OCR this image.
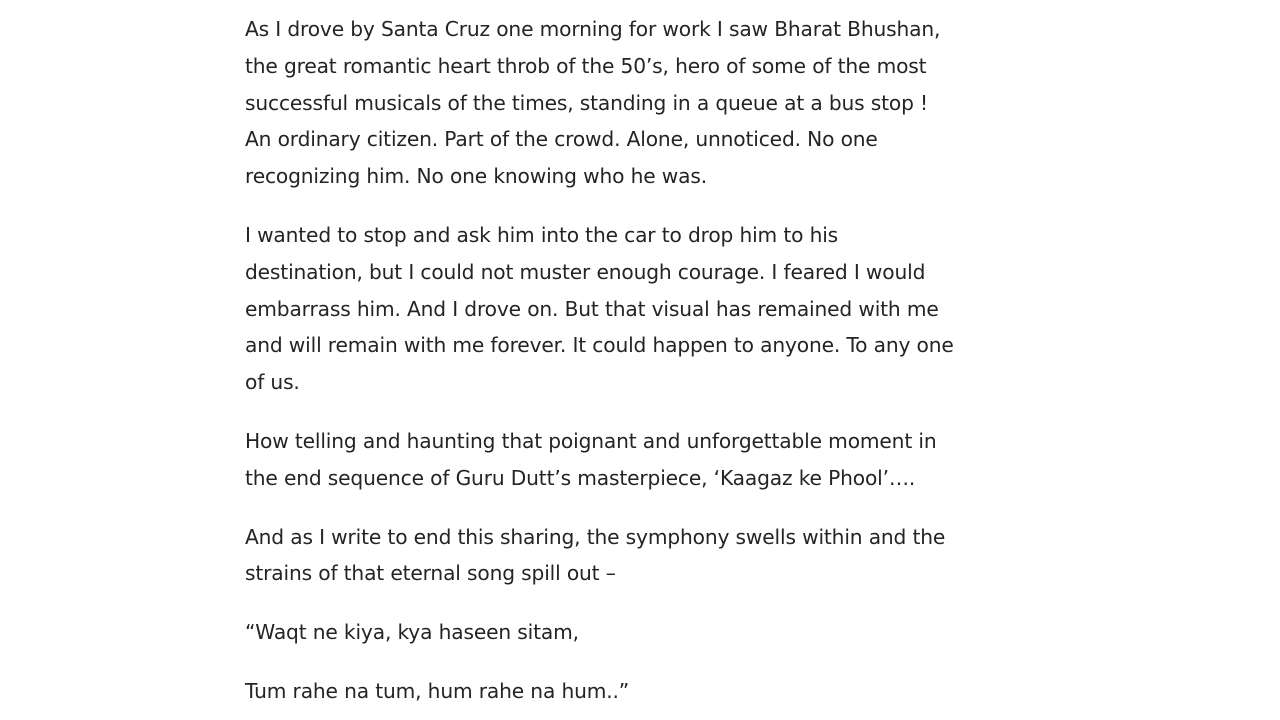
As I drove by Santa Cruz one morning for work I saw Bharat Bhushan,
the great romantic heart throb of the 50’s, hero of some of the most
successful musicals of the times, standing in a queue at a bus stop !
An ordinary citizen. Part of the crowd. Alone, unnoticed. No one
recognizing him. No one knowing who he was.

I wanted to stop and ask him into the car to drop him to his
destination, but I could not muster enough courage. I feared I would
embarrass him. And I drove on. But that visual has remained with me
and will remain with me forever. It could happen to anyone. To any one
of us.

How telling and haunting that poignant and unforgettable moment in
the end sequence of Guru Dutt’s masterpiece, ‘Kaagaz ke Phool’….

And as I write to end this sharing, the symphony swells within and the
strains of that eternal song spill out –

“Waqt ne kiya, kya haseen sitam,

Tum rahe na tum, hum rahe na hum..”
